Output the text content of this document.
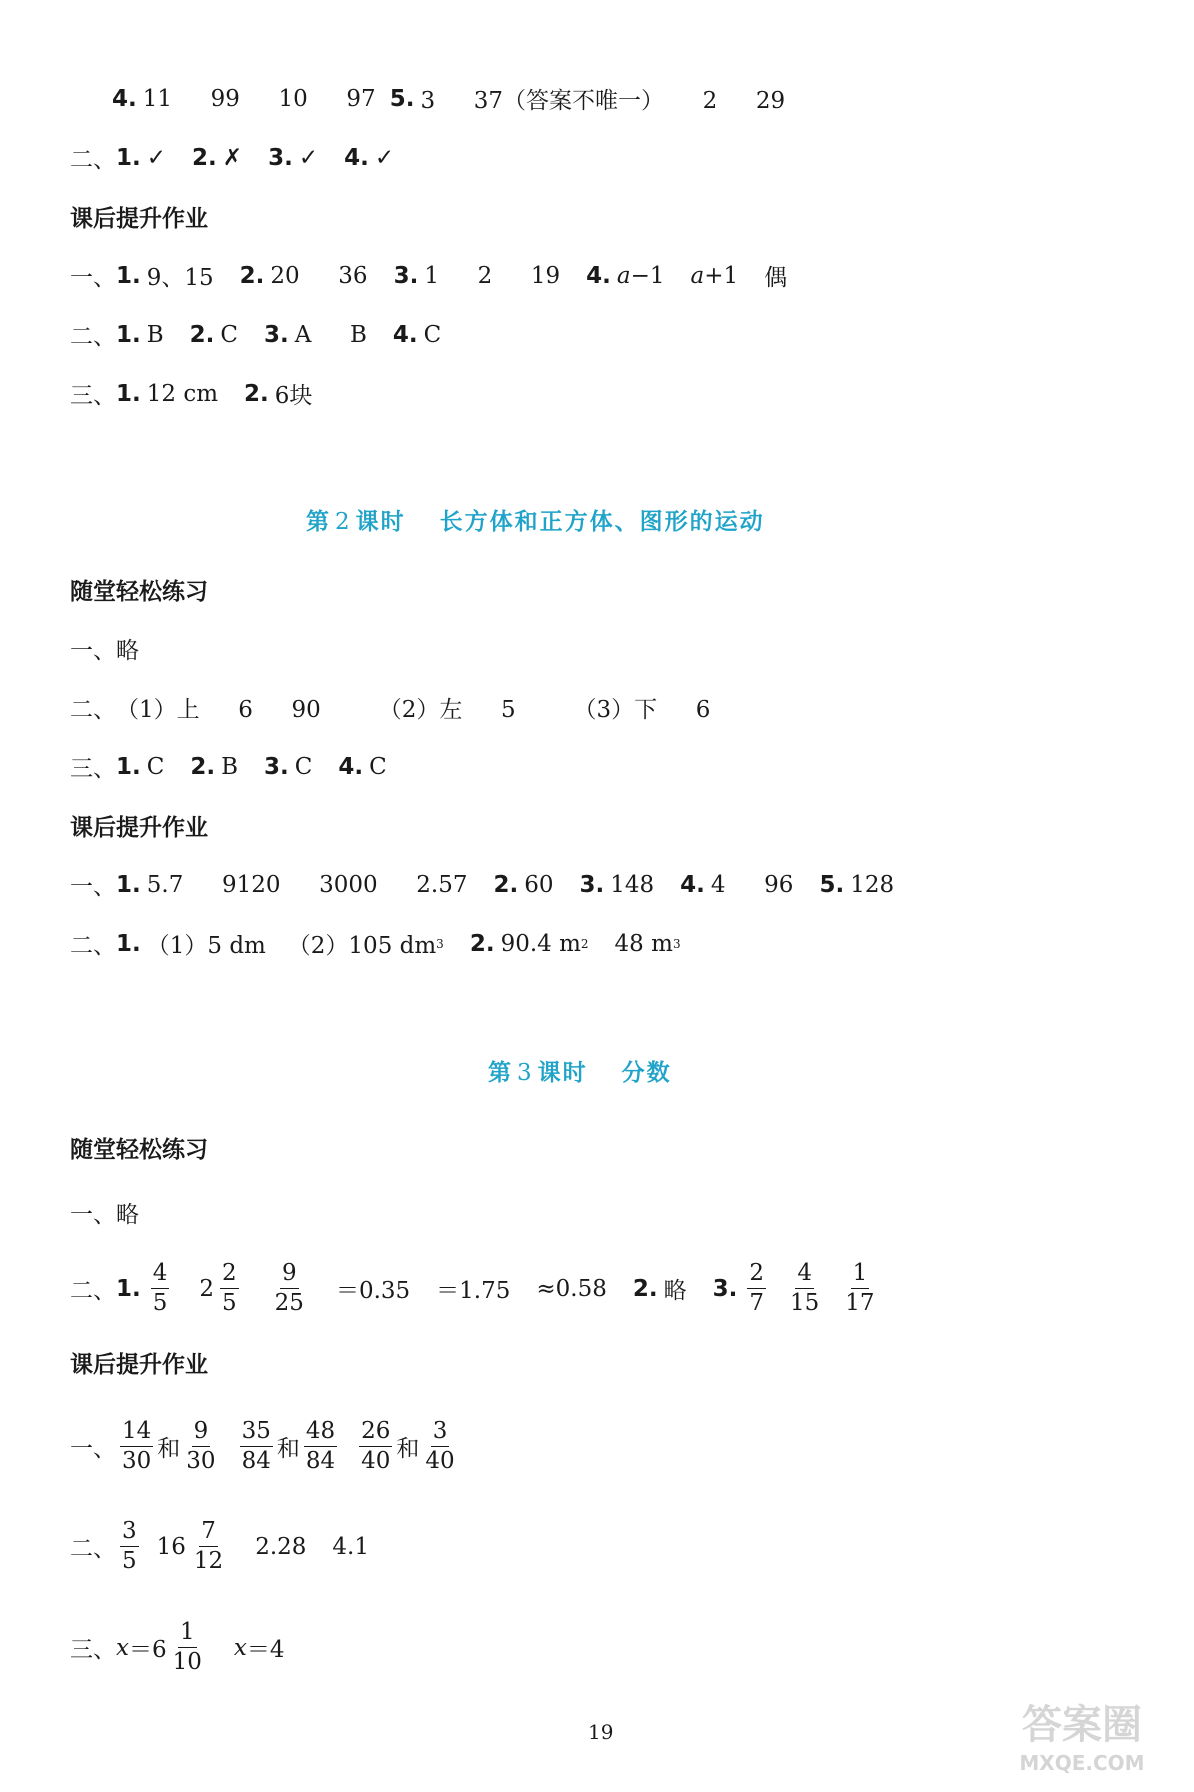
4. 11  99  10  97 5. 3  37（答案不唯一）  2  29
二、 1. ✓ 2. ✗ 3. ✓ 4. ✓
课后提升作业
一、 1. 9、15 2. 20  36 3. 1  2  19 4. a −1 a +1 偶
二、 1. B 2. C 3. A  B 4. C
三、 1. 12 cm 2. 6块
第 2 课时 长方体和正方体、图形的运动
随堂轻松练习
一、 略
二、 （1）上  6  90   （2）左  5   （3）下  6
三、 1. C 2. B 3. C 4. C
课后提升作业
一、 1. 5.7  9120  3000  2.57 2. 60 3. 148 4. 4  96 5. 128
二、 1. （1）5 dm   （2）105 dm 3 2. 90.4 m 2 48 m 3
第 3 课时 分数
随堂轻松练习
一、 略
二、 1. $\frac{4}{5} 2 \frac{2}{5} \frac{9}{25} =0.35 =1.75 \approx 0.58$ 2. 略 3. $\frac{2}{7} \frac{4}{15} \frac{1}{17}$
课后提升作业
一、 $\frac{14}{30}$ 和 $\frac{9}{30} \frac{35}{84}$ 和 $\frac{48}{84} \frac{26}{40}$ 和 $\frac{3}{40}$
二、 $\frac{3}{5} 16 \frac{7}{12} 2.28$ 4.1
三、 $x =6 \frac{1}{10}$ x ＝4
19	答案圈
MXQE.COM
